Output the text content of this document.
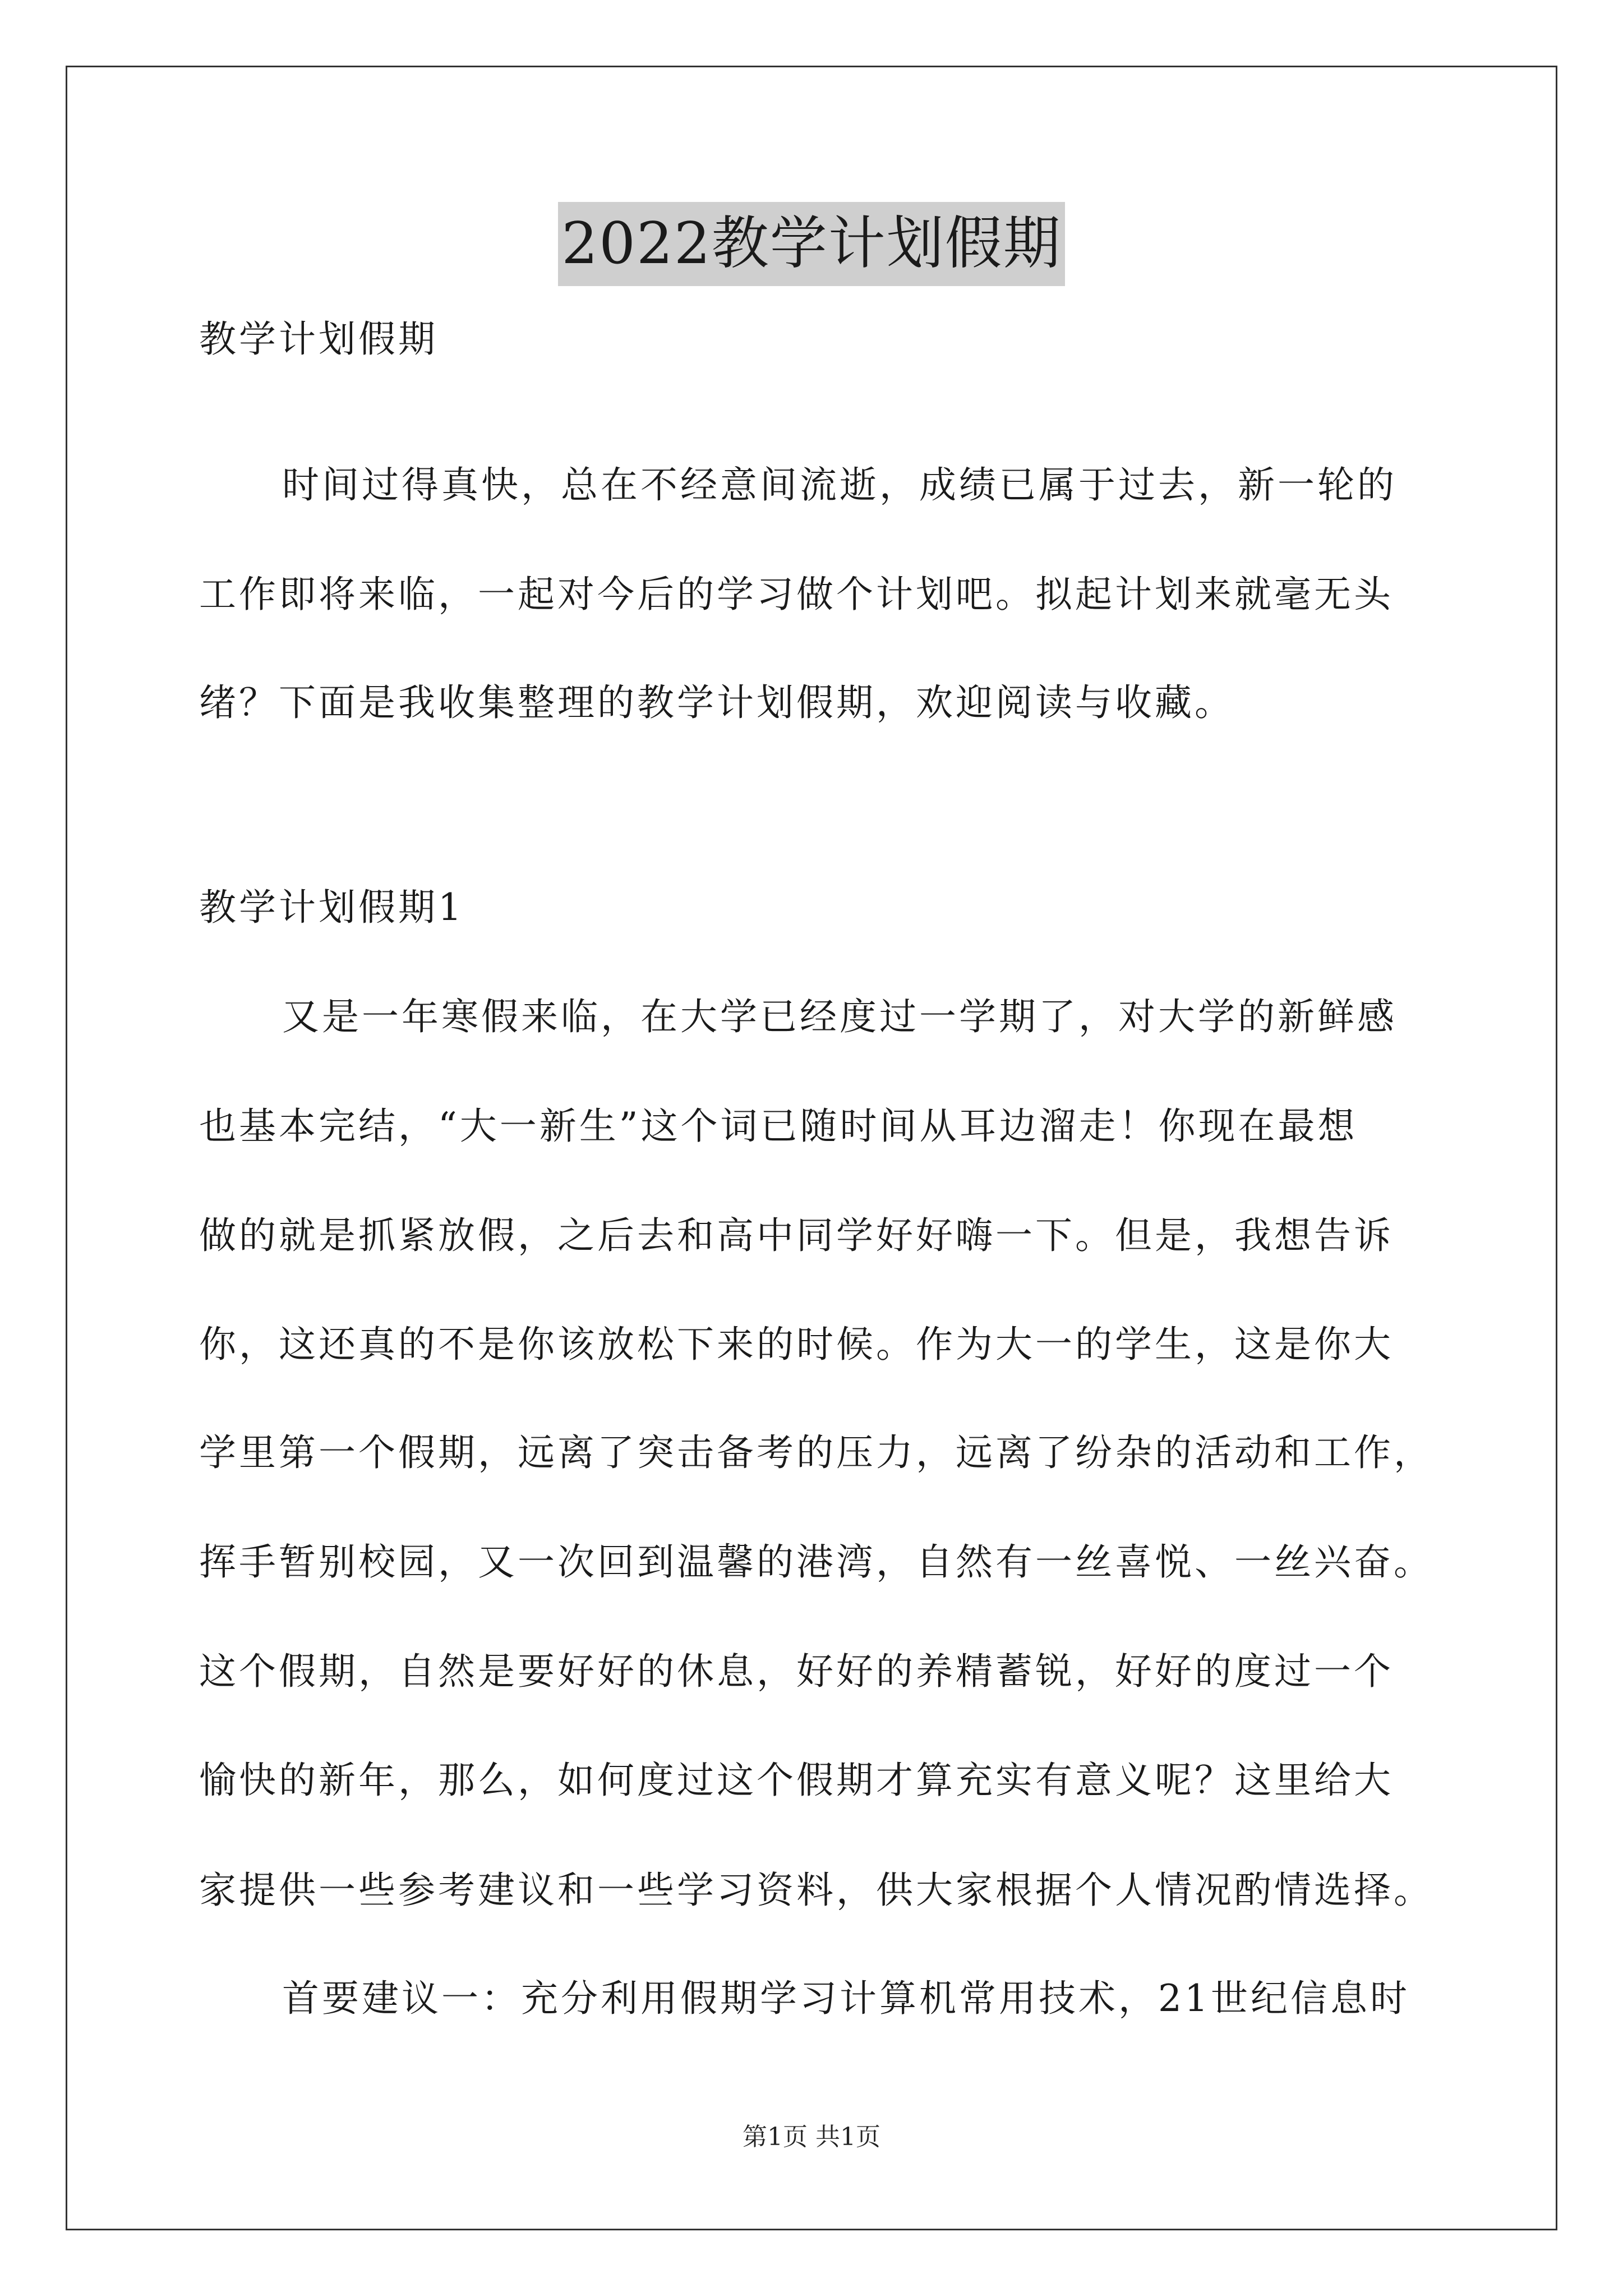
2022教学计划假期
教学计划假期
时间过得真快，总在不经意间流逝，成绩已属于过去，新一轮的
工作即将来临，一起对今后的学习做个计划吧。拟起计划来就毫无头
绪？下面是我收集整理的教学计划假期，欢迎阅读与收藏。
教学计划假期1
又是一年寒假来临，在大学已经度过一学期了，对大学的新鲜感
也基本完结，“大一新生”这个词已随时间从耳边溜走！你现在最想
做的就是抓紧放假，之后去和高中同学好好嗨一下。但是，我想告诉
你，这还真的不是你该放松下来的时候。作为大一的学生，这是你大
学里第一个假期，远离了突击备考的压力，远离了纷杂的活动和工作，
挥手暂别校园，又一次回到温馨的港湾，自然有一丝喜悦、一丝兴奋。
这个假期，自然是要好好的休息，好好的养精蓄锐，好好的度过一个
愉快的新年，那么，如何度过这个假期才算充实有意义呢？这里给大
家提供一些参考建议和一些学习资料，供大家根据个人情况酌情选择。
首要建议一：充分利用假期学习计算机常用技术，21世纪信息时
第1页 共1页
